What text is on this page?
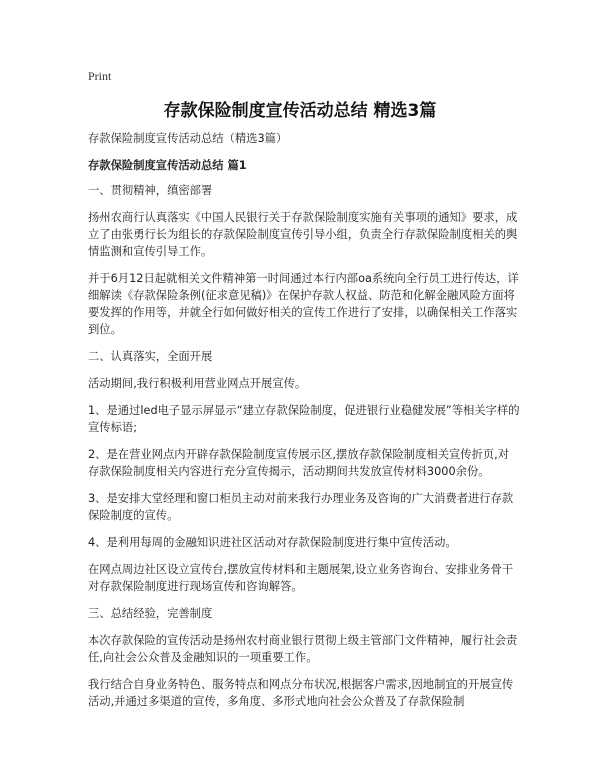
Print
存款保险制度宣传活动总结 精选3篇

存款保险制度宣传活动总结（精选3篇）

存款保险制度宣传活动总结 篇1

一、贯彻精神，缜密部署

扬州农商行认真落实《中国人民银行关于存款保险制度实施有关事项的通知》要求，成立了由张勇行长为组长的存款保险制度宣传引导小组，负责全行存款保险制度相关的舆情监测和宣传引导工作。

并于6月12日起就相关文件精神第一时间通过本行内部oa系统向全行员工进行传达，详细解读《存款保险条例(征求意见稿)》在保护存款人权益、防范和化解金融风险方面将要发挥的作用等，并就全行如何做好相关的宣传工作进行了安排，以确保相关工作落实到位。

二、认真落实，全面开展

活动期间,我行积极利用营业网点开展宣传。

1、是通过led电子显示屏显示“建立存款保险制度，促进银行业稳健发展”等相关字样的宣传标语;

2、是在营业网点内开辟存款保险制度宣传展示区,摆放存款保险制度相关宣传折页,对存款保险制度相关内容进行充分宣传揭示，活动期间共发放宣传材料3000余份。

3、是安排大堂经理和窗口柜员主动对前来我行办理业务及咨询的广大消费者进行存款保险制度的宣传。

4、是利用每周的金融知识进社区活动对存款保险制度进行集中宣传活动。

在网点周边社区设立宣传台,摆放宣传材料和主题展架,设立业务咨询台、安排业务骨干对存款保险制度进行现场宣传和咨询解答。

三、总结经验，完善制度

本次存款保险的宣传活动是扬州农村商业银行贯彻上级主管部门文件精神，履行社会责任,向社会公众普及金融知识的一项重要工作。

我行结合自身业务特色、服务特点和网点分布状况,根据客户需求,因地制宜的开展宣传活动,并通过多渠道的宣传，多角度、多形式地向社会公众普及了存款保险制
